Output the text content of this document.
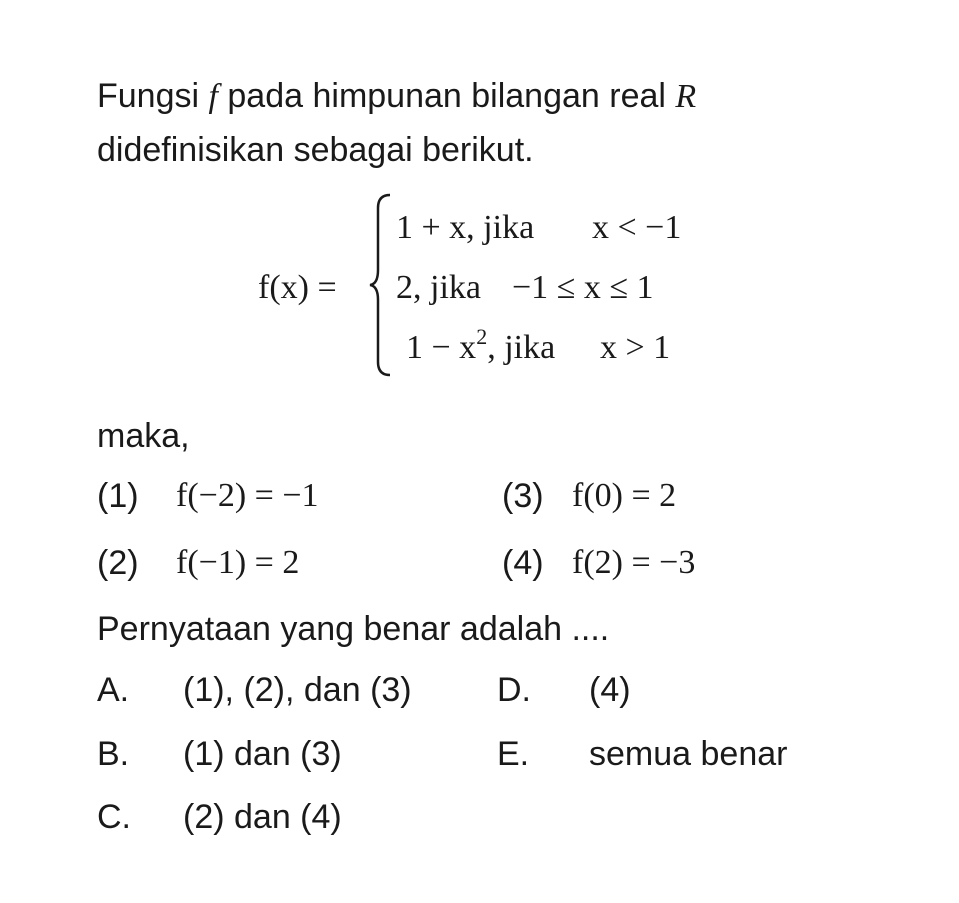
Fungsi f pada himpunan bilangan real R
didefinisikan sebagai berikut.
f(x) =
1 + x, jika x < −1
2, jika −1 ≤ x ≤ 1
$1 - x^2$, jika x > 1
maka,
(1) f(−2) = −1
(2) f(−1) = 2
(3) f(0) = 2
(4) f(2) = −3
Pernyataan yang benar adalah ....
A. (1), (2), dan (3)
B. (1) dan (3)
C. (2) dan (4)
D. (4)
E. semua benar
